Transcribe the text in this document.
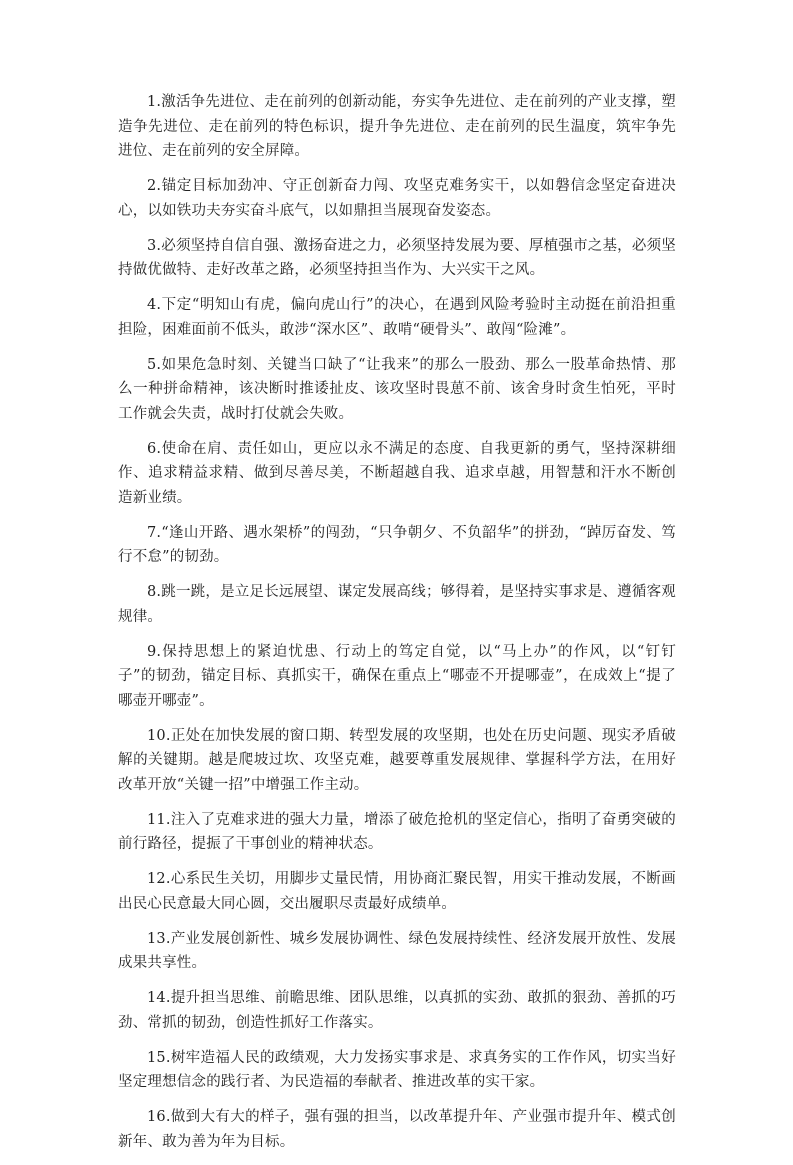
1.激活争先进位、走在前列的创新动能，夯实争先进位、走在前列的产业支撑，塑造争先进位、走在前列的特色标识，提升争先进位、走在前列的民生温度，筑牢争先进位、走在前列的安全屏障。

2.锚定目标加劲冲、守正创新奋力闯、攻坚克难务实干，以如磐信念坚定奋进决心，以如铁功夫夯实奋斗底气，以如鼎担当展现奋发姿态。

3.必须坚持自信自强、激扬奋进之力，必须坚持发展为要、厚植强市之基，必须坚持做优做特、走好改革之路，必须坚持担当作为、大兴实干之风。

4.下定“明知山有虎，偏向虎山行”的决心，在遇到风险考验时主动挺在前沿担重担险，困难面前不低头，敢涉“深水区”、敢啃“硬骨头”、敢闯“险滩”。

5.如果危急时刻、关键当口缺了“让我来”的那么一股劲、那么一股革命热情、那么一种拼命精神，该决断时推诿扯皮、该攻坚时畏葸不前、该舍身时贪生怕死，平时工作就会失责，战时打仗就会失败。

6.使命在肩、责任如山，更应以永不满足的态度、自我更新的勇气，坚持深耕细作、追求精益求精、做到尽善尽美，不断超越自我、追求卓越，用智慧和汗水不断创造新业绩。

7.“逢山开路、遇水架桥”的闯劲，“只争朝夕、不负韶华”的拼劲，“踔厉奋发、笃行不怠”的韧劲。

8.跳一跳，是立足长远展望、谋定发展高线；够得着，是坚持实事求是、遵循客观规律。

9.保持思想上的紧迫忧患、行动上的笃定自觉，以“马上办”的作风，以“钉钉子”的韧劲，锚定目标、真抓实干，确保在重点上“哪壶不开提哪壶”，在成效上“提了哪壶开哪壶”。

10.正处在加快发展的窗口期、转型发展的攻坚期，也处在历史问题、现实矛盾破解的关键期。越是爬坡过坎、攻坚克难，越要尊重发展规律、掌握科学方法，在用好改革开放“关键一招”中增强工作主动。

11.注入了克难求进的强大力量，增添了破危抢机的坚定信心，指明了奋勇突破的前行路径，提振了干事创业的精神状态。

12.心系民生关切，用脚步丈量民情，用协商汇聚民智，用实干推动发展，不断画出民心民意最大同心圆，交出履职尽责最好成绩单。

13.产业发展创新性、城乡发展协调性、绿色发展持续性、经济发展开放性、发展成果共享性。

14.提升担当思维、前瞻思维、团队思维，以真抓的实劲、敢抓的狠劲、善抓的巧劲、常抓的韧劲，创造性抓好工作落实。

15.树牢造福人民的政绩观，大力发扬实事求是、求真务实的工作作风，切实当好坚定理想信念的践行者、为民造福的奉献者、推进改革的实干家。

16.做到大有大的样子，强有强的担当，以改革提升年、产业强市提升年、模式创新年、敢为善为年为目标。
